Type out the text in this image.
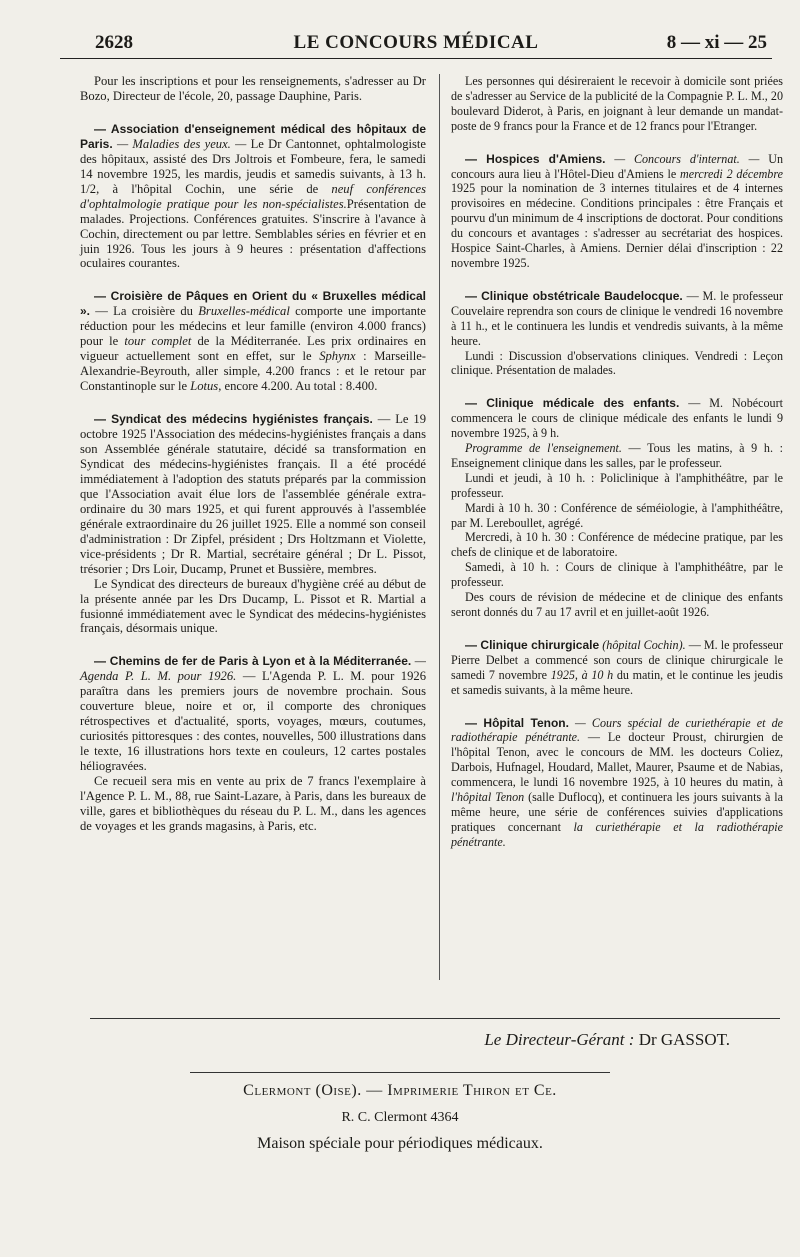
2628	LE CONCOURS MÉDICAL	8 — xi — 25

Pour les inscriptions et pour les renseignements, s'adresser au Dr Bozo, Directeur de l'école, 20, passage Dauphine, Paris.

— Association d'enseignement médical des hôpitaux de Paris. — Maladies des yeux. — Le Dr Cantonnet, ophtalmologiste des hôpitaux, assisté des Drs Joltrois et Fombeure, fera, le samedi 14 novembre 1925, les mardis, jeudis et samedis suivants, à 13 h. 1/2, à l'hôpital Cochin, une série de neuf conférences d'ophtalmologie pratique pour les non-spécialistes.Présentation de malades. Projections. Conférences gratuites. S'inscrire à l'avance à Cochin, directement ou par lettre. Semblables séries en février et en juin 1926. Tous les jours à 9 heures : présentation d'affections oculaires courantes.

— Croisière de Pâques en Orient du « Bruxelles médical ». — La croisière du Bruxelles-médical comporte une importante réduction pour les médecins et leur famille (environ 4.000 francs) pour le tour complet de la Méditerranée. Les prix ordinaires en vigueur actuellement sont en effet, sur le Sphynx : Marseille-Alexandrie-Beyrouth, aller simple, 4.200 francs : et le retour par Constantinople sur le Lotus, encore 4.200. Au total : 8.400.

— Syndicat des médecins hygiénistes français. — Le 19 octobre 1925 l'Association des médecins-hygiénistes français a dans son Assemblée générale statutaire, décidé sa transformation en Syndicat des médecins-hygiénistes français. Il a été procédé immédiatement à l'adoption des statuts préparés par la commission que l'Association avait élue lors de l'assemblée générale extra-ordinaire du 30 mars 1925, et qui furent approuvés à l'assemblée générale extraordinaire du 26 juillet 1925. Elle a nommé son conseil d'administration : Dr Zipfel, président ; Drs Holtzmann et Violette, vice-présidents ; Dr R. Martial, secrétaire général ; Dr L. Pissot, trésorier ; Drs Loir, Ducamp, Prunet et Bussière, membres.

Le Syndicat des directeurs de bureaux d'hygiène créé au début de la présente année par les Drs Ducamp, L. Pissot et R. Martial a fusionné immédiatement avec le Syndicat des médecins-hygiénistes français, désormais unique.

— Chemins de fer de Paris à Lyon et à la Méditerranée. — Agenda P. L. M. pour 1926. — L'Agenda P. L. M. pour 1926 paraîtra dans les premiers jours de novembre prochain. Sous couverture bleue, noire et or, il comporte des chroniques rétrospectives et d'actualité, sports, voyages, mœurs, coutumes, curiosités pittoresques : des contes, nouvelles, 500 illustrations dans le texte, 16 illustrations hors texte en couleurs, 12 cartes postales héliogravées.

Ce recueil sera mis en vente au prix de 7 francs l'exemplaire à l'Agence P. L. M., 88, rue Saint-Lazare, à Paris, dans les bureaux de ville, gares et bibliothèques du réseau du P. L. M., dans les agences de voyages et les grands magasins, à Paris, etc.

Les personnes qui désireraient le recevoir à domicile sont priées de s'adresser au Service de la publicité de la Compagnie P. L. M., 20 boulevard Diderot, à Paris, en joignant à leur demande un mandat-poste de 9 francs pour la France et de 12 francs pour l'Etranger.

— Hospices d'Amiens. — Concours d'internat. — Un concours aura lieu à l'Hôtel-Dieu d'Amiens le mercredi 2 décembre 1925 pour la nomination de 3 internes titulaires et de 4 internes provisoires en médecine. Conditions principales : être Français et pourvu d'un minimum de 4 inscriptions de doctorat. Pour conditions du concours et avantages : s'adresser au secrétariat des hospices. Hospice Saint-Charles, à Amiens. Dernier délai d'inscription : 22 novembre 1925.

— Clinique obstétricale Baudelocque. — M. le professeur Couvelaire reprendra son cours de clinique le vendredi 16 novembre à 11 h., et le continuera les lundis et vendredis suivants, à la même heure.

Lundi : Discussion d'observations cliniques. Vendredi : Leçon clinique. Présentation de malades.

— Clinique médicale des enfants. — M. Nobécourt commencera le cours de clinique médicale des enfants le lundi 9 novembre 1925, à 9 h.

Programme de l'enseignement. — Tous les matins, à 9 h. : Enseignement clinique dans les salles, par le professeur.

Lundi et jeudi, à 10 h. : Policlinique à l'amphithéâtre, par le professeur.

Mardi à 10 h. 30 : Conférence de séméiologie, à l'amphithéâtre, par M. Lereboullet, agrégé.

Mercredi, à 10 h. 30 : Conférence de médecine pratique, par les chefs de clinique et de laboratoire.

Samedi, à 10 h. : Cours de clinique à l'amphithéâtre, par le professeur.

Des cours de révision de médecine et de clinique des enfants seront donnés du 7 au 17 avril et en juillet-août 1926.

— Clinique chirurgicale (hôpital Cochin). — M. le professeur Pierre Delbet a commencé son cours de clinique chirurgicale le samedi 7 novembre 1925, à 10 h du matin, et le continue les jeudis et samedis suivants, à la même heure.

— Hôpital Tenon. — Cours spécial de curiethérapie et de radiothérapie pénétrante. — Le docteur Proust, chirurgien de l'hôpital Tenon, avec le concours de MM. les docteurs Coliez, Darbois, Hufnagel, Houdard, Mallet, Maurer, Psaume et de Nabias, commencera, le lundi 16 novembre 1925, à 10 heures du matin, à l'hôpital Tenon (salle Duflocq), et continuera les jours suivants à la même heure, une série de conférences suivies d'applications pratiques concernant la curiethérapie et la radiothérapie pénétrante.

Le Directeur-Gérant : Dr GASSOT.
Clermont (Oise). — Imprimerie Thiron et Ce.
R. C. Clermont 4364
Maison spéciale pour périodiques médicaux.
